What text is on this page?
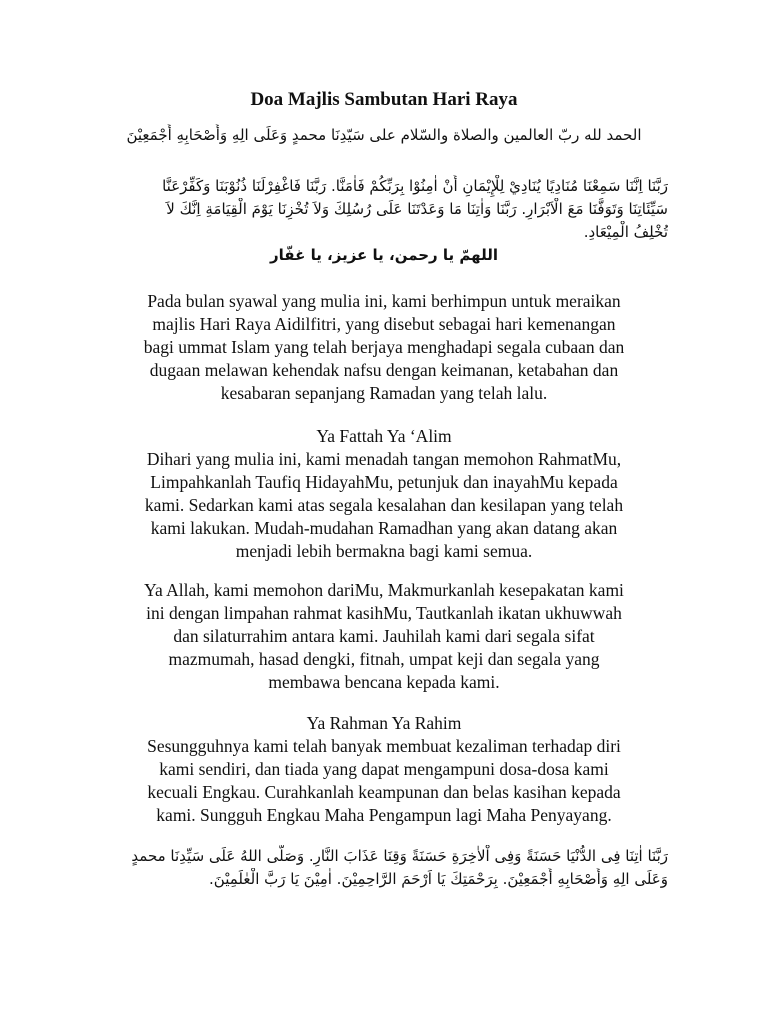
Doa Majlis Sambutan Hari Raya
الحمد لله ربّ العالمين والصلاة والسّلام على سَيّدِنَا محمدٍ وَعَلَى الِهِ وَأَصْحَابِهِ أَجْمَعِيْنَ
رَبَّنَا اِنَّنَا سَمِعْنَا مُنَادِيًا يُنَادِيْ لِلْإِيْمَانِ أَنْ اٰمِنُوْا بِرَبِّكُمْ فَاٰمَنَّا. رَبَّنَا فَاغْفِرْلَنَا ذُنُوْبَنَا وَكَفِّرْعَنَّا
سَيِّئَاتِنَا وَتَوَفَّنَا مَعَ الْاَبْرَارِ. رَبَّنَا وَاٰتِنَا مَا وَعَدْتَنَا عَلَى رُسُلِكَ وَلاَ تُخْزِنَا يَوْمَ الْقِيَامَةِ اِنَّكَ لاَ
تُخْلِفُ الْمِيْعَادِ.
اللهمّ يا رحمن، يا عزيز، يا غفّار
Pada bulan syawal yang mulia ini, kami berhimpun untuk meraikan
majlis Hari Raya Aidilfitri, yang disebut sebagai hari kemenangan
bagi ummat Islam yang telah berjaya menghadapi segala cubaan dan
dugaan melawan kehendak nafsu dengan keimanan, ketabahan dan
kesabaran sepanjang Ramadan yang telah lalu.
Ya Fattah Ya ‘Alim
Dihari yang mulia ini, kami menadah tangan memohon RahmatMu,
Limpahkanlah Taufiq HidayahMu, petunjuk dan inayahMu kepada
kami. Sedarkan kami atas segala kesalahan dan kesilapan yang telah
kami lakukan. Mudah-mudahan Ramadhan yang akan datang akan
menjadi lebih bermakna bagi kami semua.
Ya Allah, kami memohon dariMu, Makmurkanlah kesepakatan kami
ini dengan limpahan rahmat kasihMu, Tautkanlah ikatan ukhuwwah
dan silaturrahim antara kami. Jauhilah kami dari segala sifat
mazmumah, hasad dengki, fitnah, umpat keji dan segala yang
membawa bencana kepada kami.
Ya Rahman Ya Rahim
Sesungguhnya kami telah banyak membuat kezaliman terhadap diri
kami sendiri, dan tiada yang dapat mengampuni dosa-dosa kami
kecuali Engkau. Curahkanlah keampunan dan belas kasihan kepada
kami. Sungguh Engkau Maha Pengampun lagi Maha Penyayang.
رَبَّنَا اٰتِنَا فِى الدُّنْيَا حَسَنَةً وَفِى اْلاٰخِرَةِ حَسَنَةً وَقِنَا عَذَابَ النَّارِ. وَصَلَّى اللهُ عَلَى سَيِّدِنَا محمدٍ
وَعَلَى الِهِ وَأَصْحَابِهِ أَجْمَعِيْنَ. بِرَحْمَتِكَ يَا اَرْحَمَ الرَّاحِمِيْنَ. اٰمِيْنَ يَا رَبَّ الْعٰلَمِيْنَ.
